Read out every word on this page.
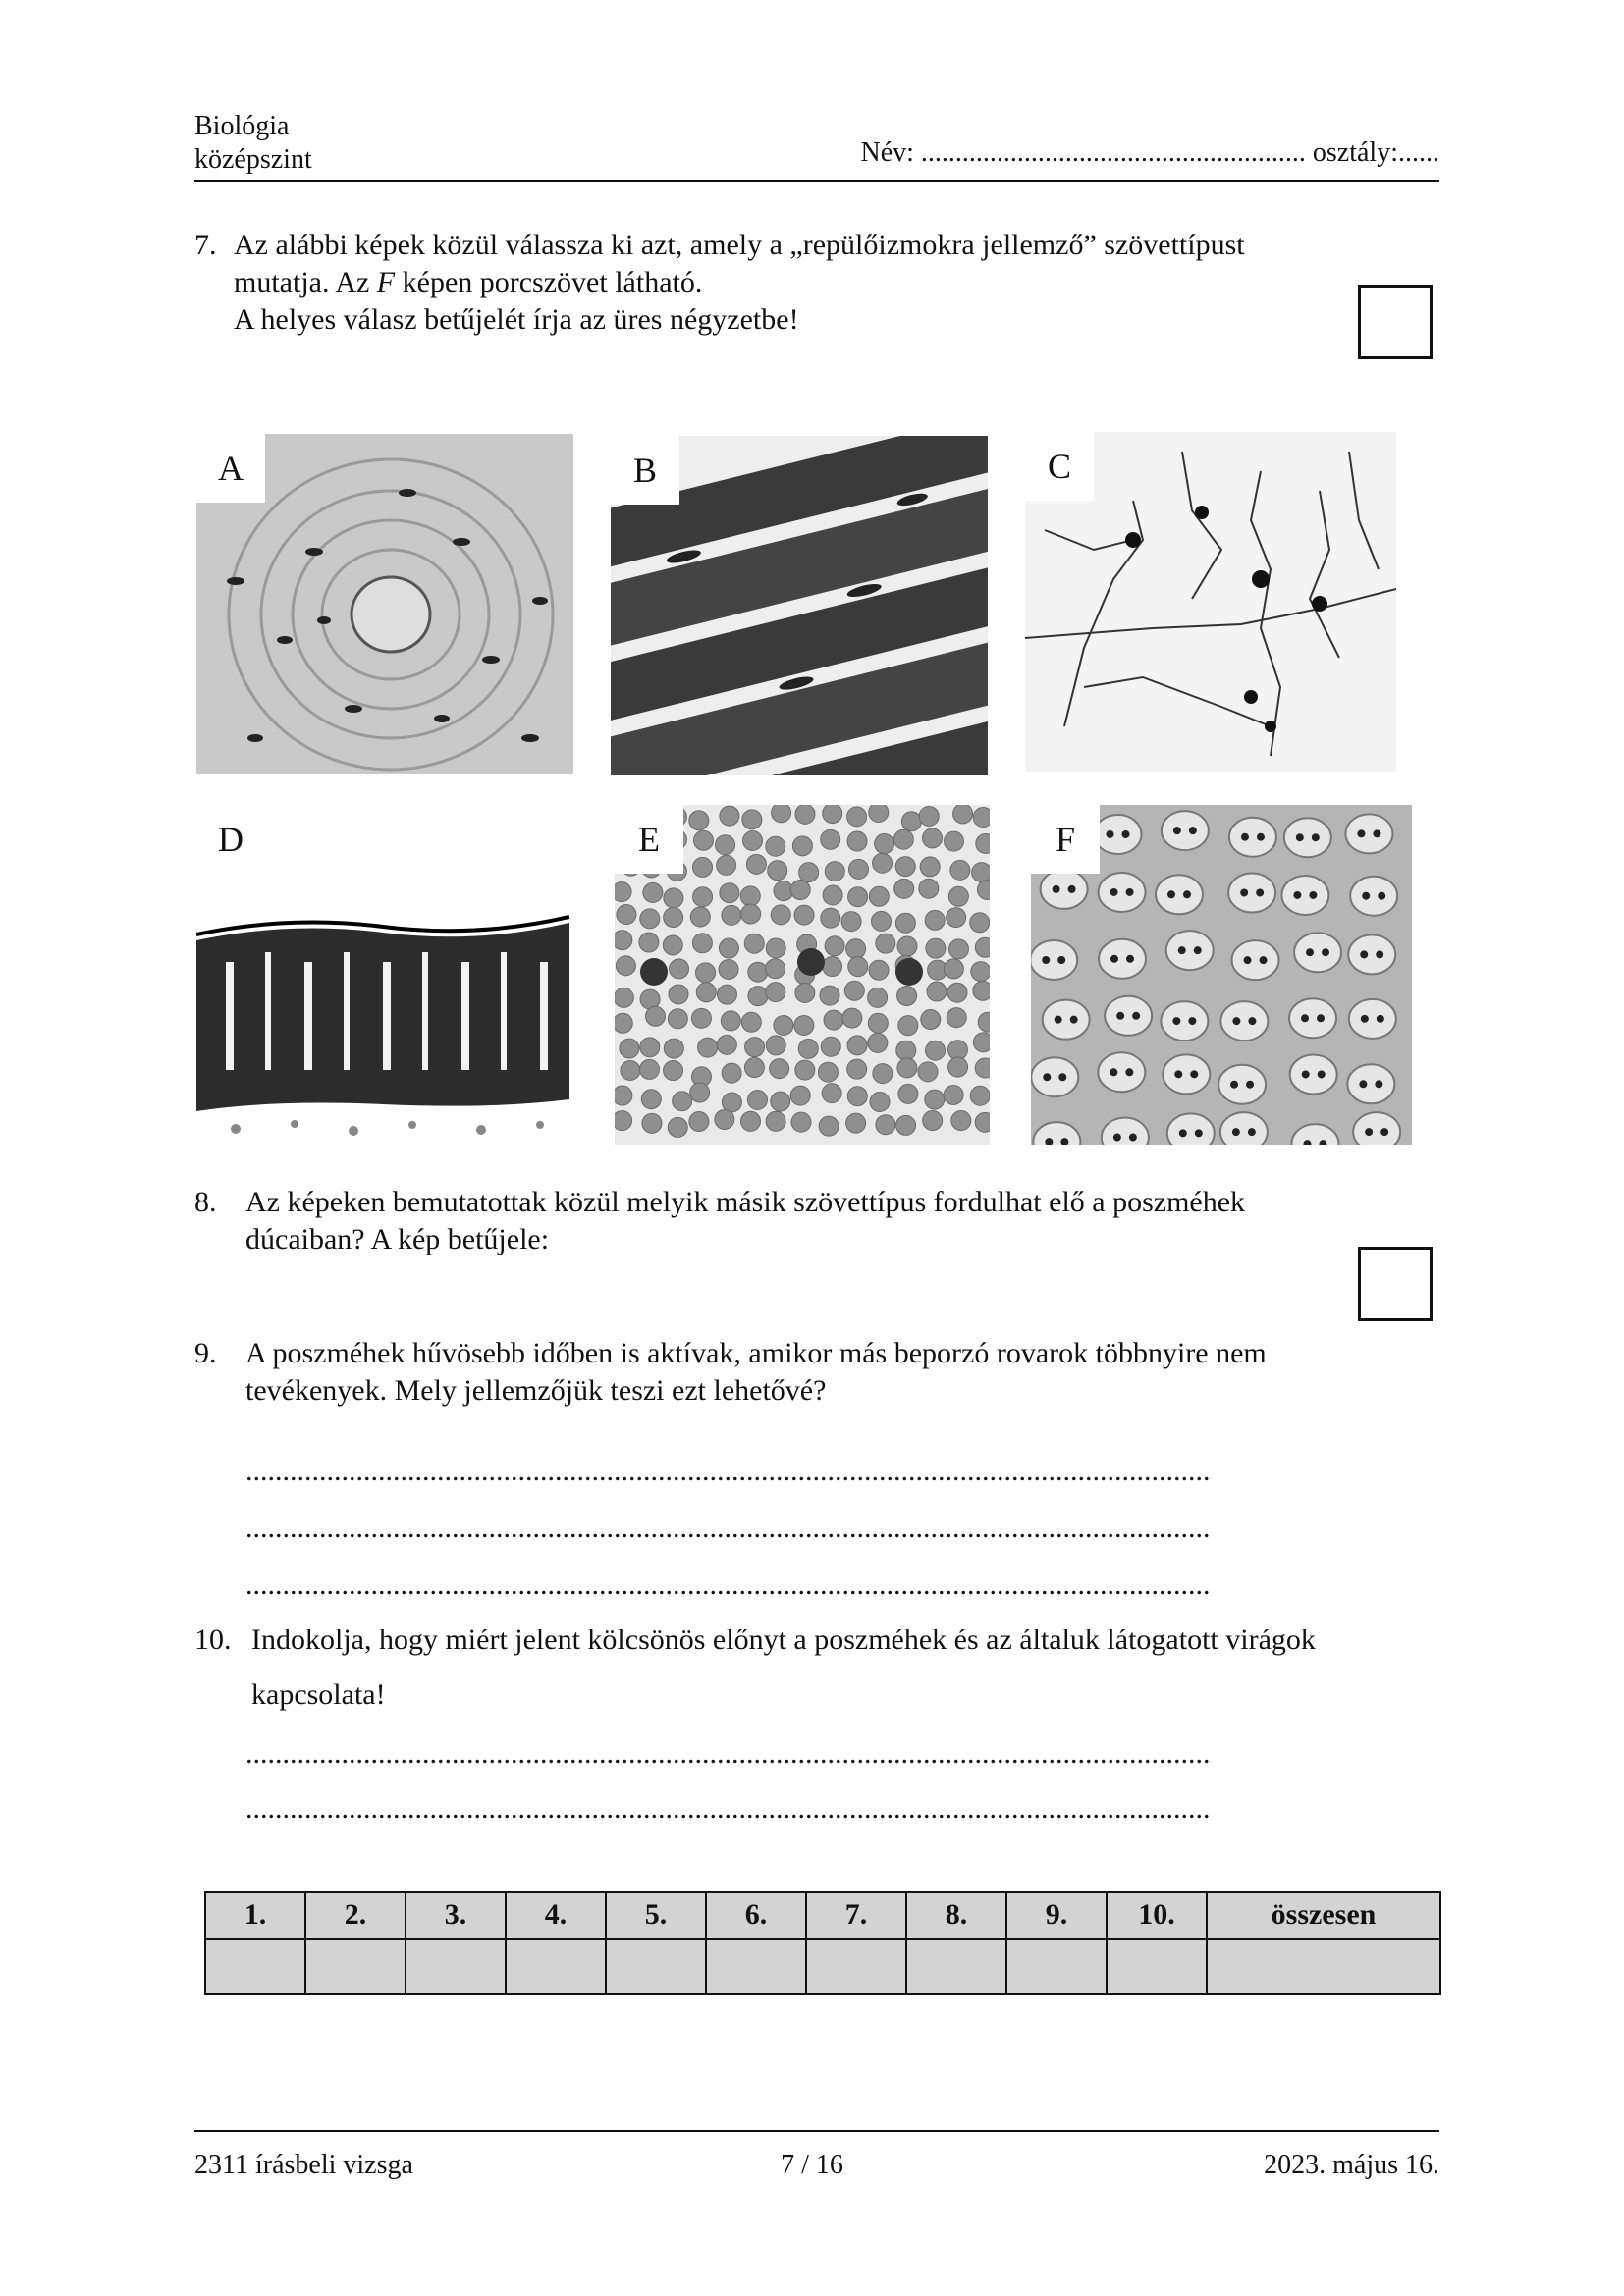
Biológia
középszint	Név: ........................................................ osztály:......
7. Az alábbi képek közül válassza ki azt, amely a „repülőizmokra jellemző” szövettípust
mutatja. Az F képen porcszövet látható.
A helyes válasz betűjelét írja az üres négyzetbe!
A	B	C
D	E	F
8. Az képeken bemutatottak közül melyik másik szövettípus fordulhat elő a poszméhek
dúcaiban? A kép betűjele:
9. A poszméhek hűvösebb időben is aktívak, amikor más beporzó rovarok többnyire nem
tevékenyek. Mely jellemzőjük teszi ezt lehetővé?
...................................................................................................................................
...................................................................................................................................
...................................................................................................................................
10. Indokolja, hogy miért jelent kölcsönös előnyt a poszméhek és az általuk látogatott virágok
kapcsolata!
...................................................................................................................................
...................................................................................................................................
1.	2.	3.	4.	5.	6.	7.	8.	9.	10.	összesen

2311 írásbeli vizsga	7 / 16	2023. május 16.
